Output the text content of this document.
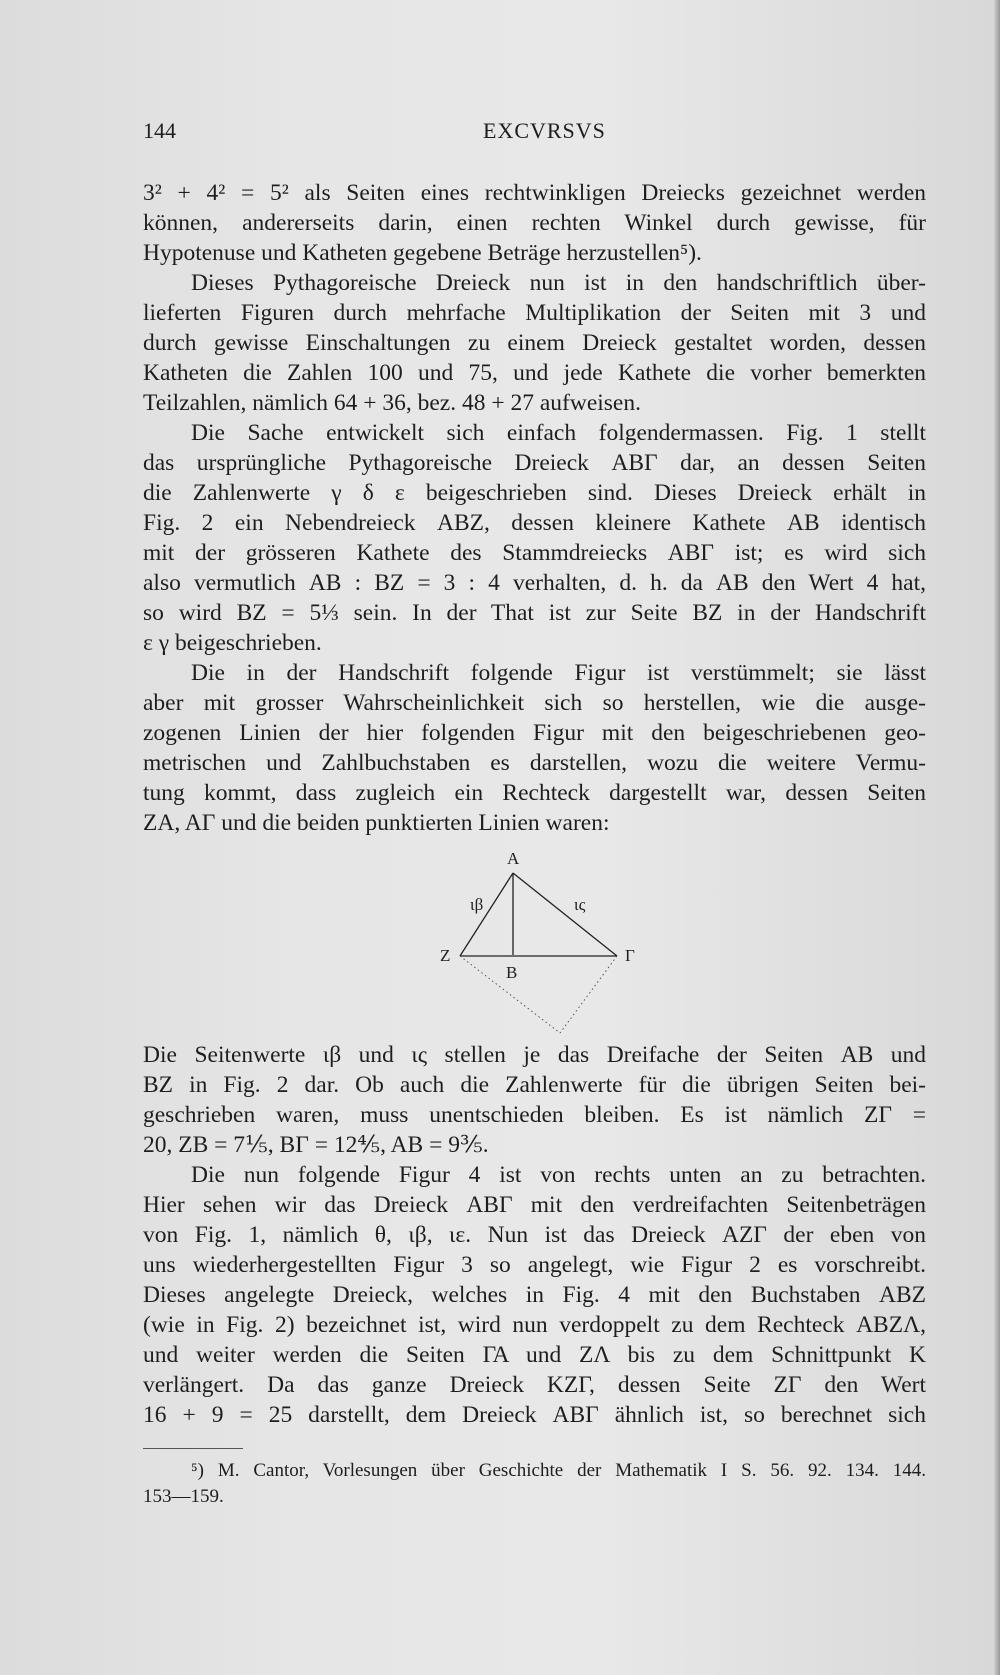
144	EXCVRSVS
3² + 4² = 5² als Seiten eines rechtwinkligen Dreiecks gezeichnet werden
können, andererseits darin, einen rechten Winkel durch gewisse, für
Hypotenuse und Katheten gegebene Beträge herzustellen⁵).
Dieses Pythagoreische Dreieck nun ist in den handschriftlich über-
lieferten Figuren durch mehrfache Multiplikation der Seiten mit 3 und
durch gewisse Einschaltungen zu einem Dreieck gestaltet worden, dessen
Katheten die Zahlen 100 und 75, und jede Kathete die vorher bemerkten
Teilzahlen, nämlich 64 + 36, bez. 48 + 27 aufweisen.
Die Sache entwickelt sich einfach folgendermassen. Fig. 1 stellt
das ursprüngliche Pythagoreische Dreieck ΑΒΓ dar, an dessen Seiten
die Zahlenwerte γ δ ε beigeschrieben sind. Dieses Dreieck erhält in
Fig. 2 ein Nebendreieck ΑΒΖ, dessen kleinere Kathete ΑΒ identisch
mit der grösseren Kathete des Stammdreiecks ΑΒΓ ist; es wird sich
also vermutlich ΑΒ : ΒΖ = 3 : 4 verhalten, d. h. da ΑΒ den Wert 4 hat,
so wird ΒΖ = 5⅓ sein. In der That ist zur Seite ΒΖ in der Handschrift
ε γ beigeschrieben.
Die in der Handschrift folgende Figur ist verstümmelt; sie lässt
aber mit grosser Wahrscheinlichkeit sich so herstellen, wie die ausge-
zogenen Linien der hier folgenden Figur mit den beigeschriebenen geo-
metrischen und Zahlbuchstaben es darstellen, wozu die weitere Vermu-
tung kommt, dass zugleich ein Rechteck dargestellt war, dessen Seiten
ΖΑ, ΑΓ und die beiden punktierten Linien waren:
A
Z
B
Γ
ιβ	ις
Die Seitenwerte ιβ und ις stellen je das Dreifache der Seiten ΑΒ und
ΒΖ in Fig. 2 dar. Ob auch die Zahlenwerte für die übrigen Seiten bei-
geschrieben waren, muss unentschieden bleiben. Es ist nämlich ΖΓ =
20, ΖΒ = 7⅕, ΒΓ = 12⅘, ΑΒ = 9⅗.
Die nun folgende Figur 4 ist von rechts unten an zu betrachten.
Hier sehen wir das Dreieck ΑΒΓ mit den verdreifachten Seitenbeträgen
von Fig. 1, nämlich θ, ιβ, ιε. Nun ist das Dreieck ΑΖΓ der eben von
uns wiederhergestellten Figur 3 so angelegt, wie Figur 2 es vorschreibt.
Dieses angelegte Dreieck, welches in Fig. 4 mit den Buchstaben ΑΒΖ
(wie in Fig. 2) bezeichnet ist, wird nun verdoppelt zu dem Rechteck ΑΒΖΛ,
und weiter werden die Seiten ΓΑ und ΖΛ bis zu dem Schnittpunkt Κ
verlängert. Da das ganze Dreieck ΚΖΓ, dessen Seite ΖΓ den Wert
16 + 9 = 25 darstellt, dem Dreieck ΑΒΓ ähnlich ist, so berechnet sich
⁵) M. Cantor, Vorlesungen über Geschichte der Mathematik I S. 56. 92. 134. 144.
153—159.
